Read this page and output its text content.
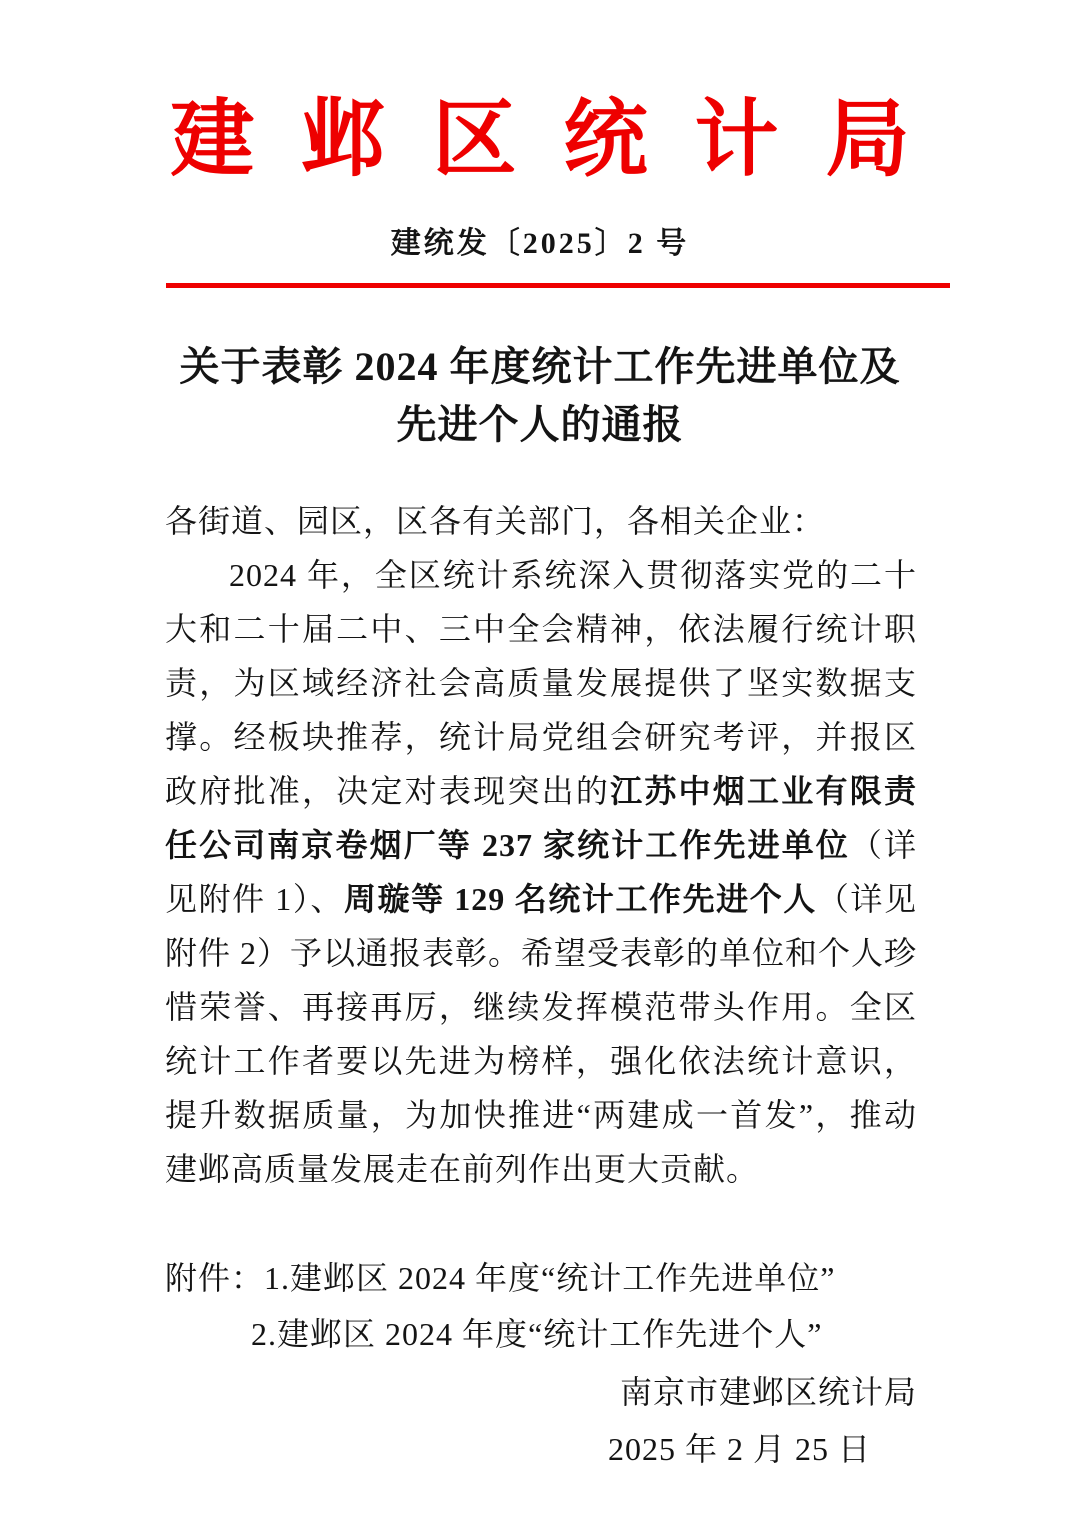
建邺区统计局
建统发〔2025〕2 号
关于表彰 2024 年度统计工作先进单位及
先进个人的通报

各街道、园区，区各有关部门，各相关企业：

2024 年，全区统计系统深入贯彻落实党的二十大和二十届二中、三中全会精神，依法履行统计职责，为区域经济社会高质量发展提供了坚实数据支撑。经板块推荐，统计局党组会研究考评，并报区政府批准，决定对表现突出的江苏中烟工业有限责任公司南京卷烟厂等 237 家统计工作先进单位（详见附件 1）、周璇等 129 名统计工作先进个人（详见附件 2）予以通报表彰。希望受表彰的单位和个人珍惜荣誉、再接再厉，继续发挥模范带头作用。全区统计工作者要以先进为榜样，强化依法统计意识，提升数据质量，为加快推进“两建成一首发”，推动建邺高质量发展走在前列作出更大贡献。

附件：1.建邺区 2024 年度“统计工作先进单位”
2.建邺区 2024 年度“统计工作先进个人”
南京市建邺区统计局
2025 年 2 月 25 日
